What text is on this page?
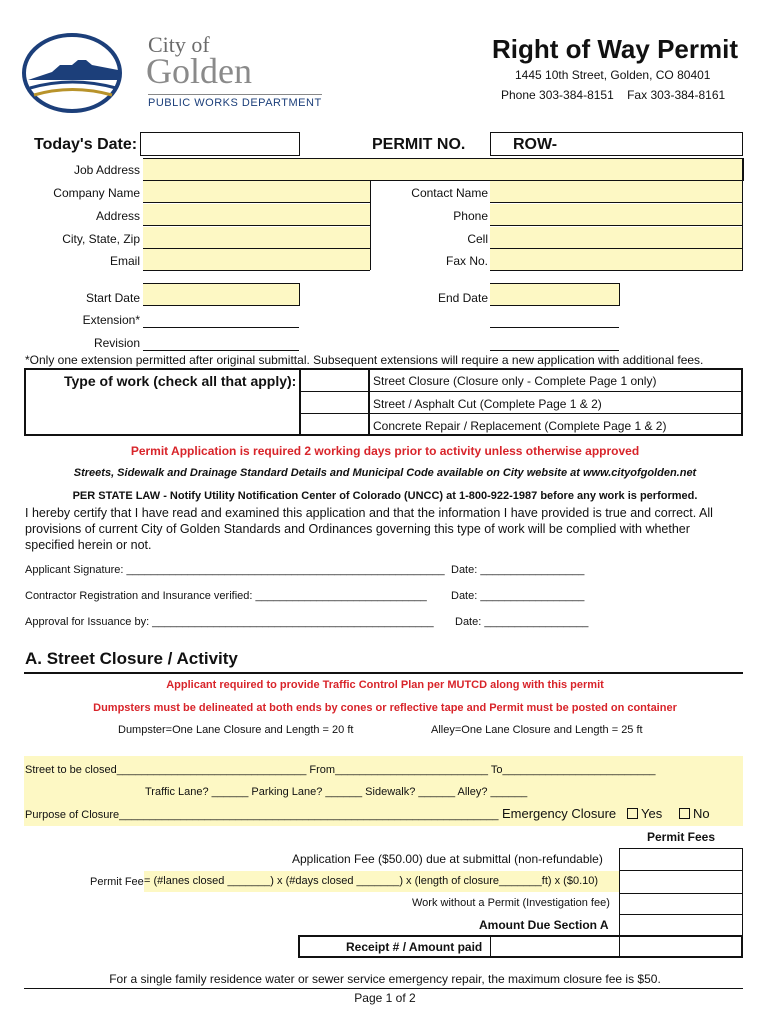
City of
Golden
PUBLIC WORKS DEPARTMENT
Right of Way Permit
1445 10th Street, Golden, CO 80401
Phone 303-384-8151    Fax 303-384-8161
Today's Date:	PERMIT NO.	ROW-
Job Address
Company Name	Contact Name
Address	Phone
City, State, Zip	Cell
Email	Fax No.
Start Date	End Date
Extension*
Revision
*Only one extension permitted after original submittal. Subsequent extensions will require a new application with additional fees.
Type of work (check all that apply):	Street Closure (Closure only - Complete Page 1 only)
Street / Asphalt Cut (Complete Page 1 & 2)
Concrete Repair / Replacement (Complete Page 1 & 2)
Permit Application is required 2 working days prior to activity unless otherwise approved
Streets, Sidewalk and Drainage Standard Details and Municipal Code available on City website at www.cityofgolden.net
PER STATE LAW - Notify Utility Notification Center of Colorado (UNCC) at 1-800-922-1987 before any work is performed.
I hereby certify that I have read and examined this application and that the information I have provided is true and correct. All provisions of current City of Golden Standards and Ordinances governing this type of work will be complied with whether specified herein or not.
Applicant Signature: ____________________________________________________ Date: _________________
Contractor Registration and Insurance verified: ____________________________ Date: _________________
Approval for Issuance by: ______________________________________________ Date: _________________
A. Street Closure / Activity
Applicant required to provide Traffic Control Plan per MUTCD along with this permit
Dumpsters must be delineated at both ends by cones or reflective tape and Permit must be posted on container
Dumpster=One Lane Closure and Length = 20 ft	Alley=One Lane Closure and Length = 25 ft
Street to be closed_______________________________ From_________________________ To_________________________
Traffic Lane? ______ Parking Lane? ______ Sidewalk? ______ Alley? ______
Purpose of Closure______________________________________________________________ Emergency Closure	Yes	No
Permit Fees
Application Fee ($50.00) due at submittal (non-refundable)
Permit Fee = (#lanes closed _______) x (#days closed _______) x (length of closure_______ft) x ($0.10)
Work without a Permit (Investigation fee)
Amount Due Section A
Receipt # / Amount paid
For a single family residence water or sewer service emergency repair, the maximum closure fee is $50.
Page 1 of 2
